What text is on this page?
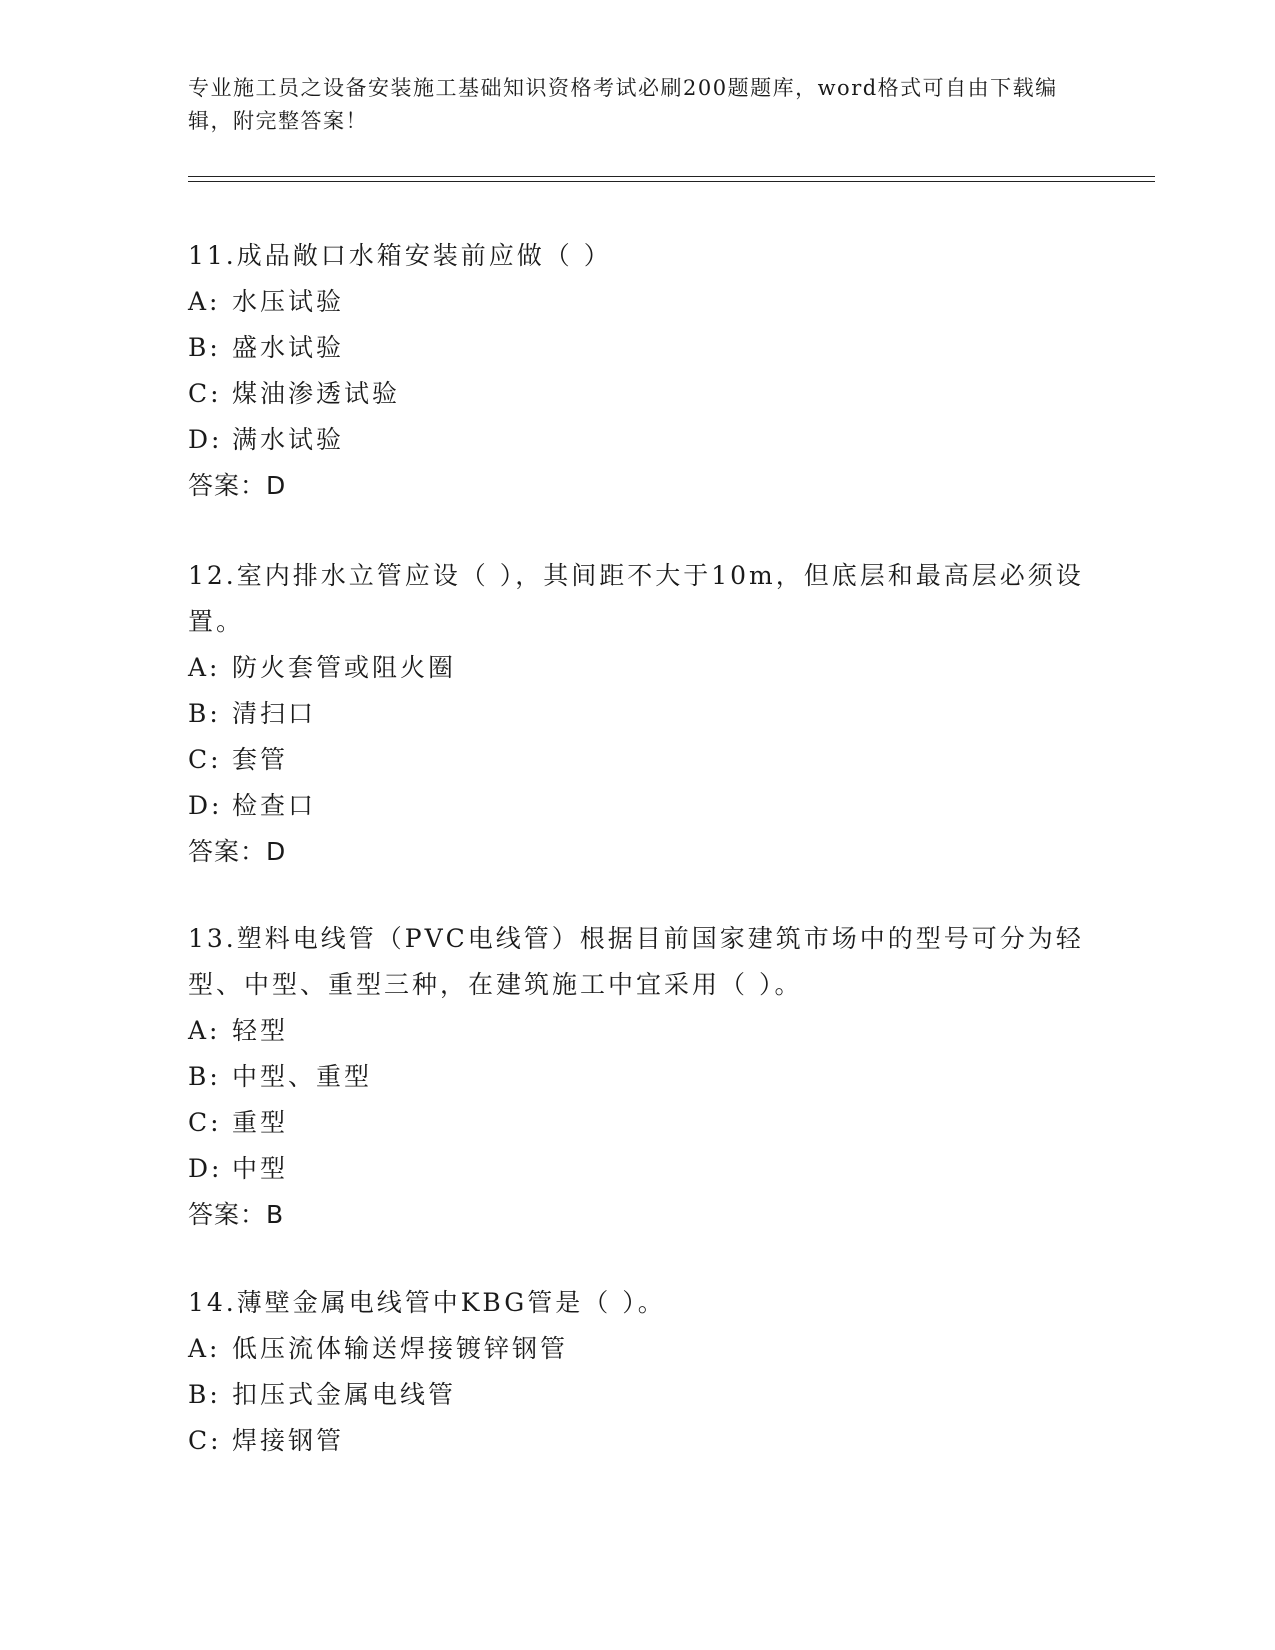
专业施工员之设备安装施工基础知识资格考试必刷200题题库，word格式可自由下载编辑，附完整答案！
11.成品敞口水箱安装前应做（ ）
A: 水压试验
B: 盛水试验
C: 煤油渗透试验
D: 满水试验
答案：D
12.室内排水立管应设（ ），其间距不大于10m，但底层和最高层必须设置。
A: 防火套管或阻火圈
B: 清扫口
C: 套管
D: 检查口
答案：D
13.塑料电线管（PVC电线管）根据目前国家建筑市场中的型号可分为轻型、中型、重型三种，在建筑施工中宜采用（ ）。
A: 轻型
B: 中型、重型
C: 重型
D: 中型
答案：B
14.薄壁金属电线管中KBG管是（ ）。
A: 低压流体输送焊接镀锌钢管
B: 扣压式金属电线管
C: 焊接钢管
